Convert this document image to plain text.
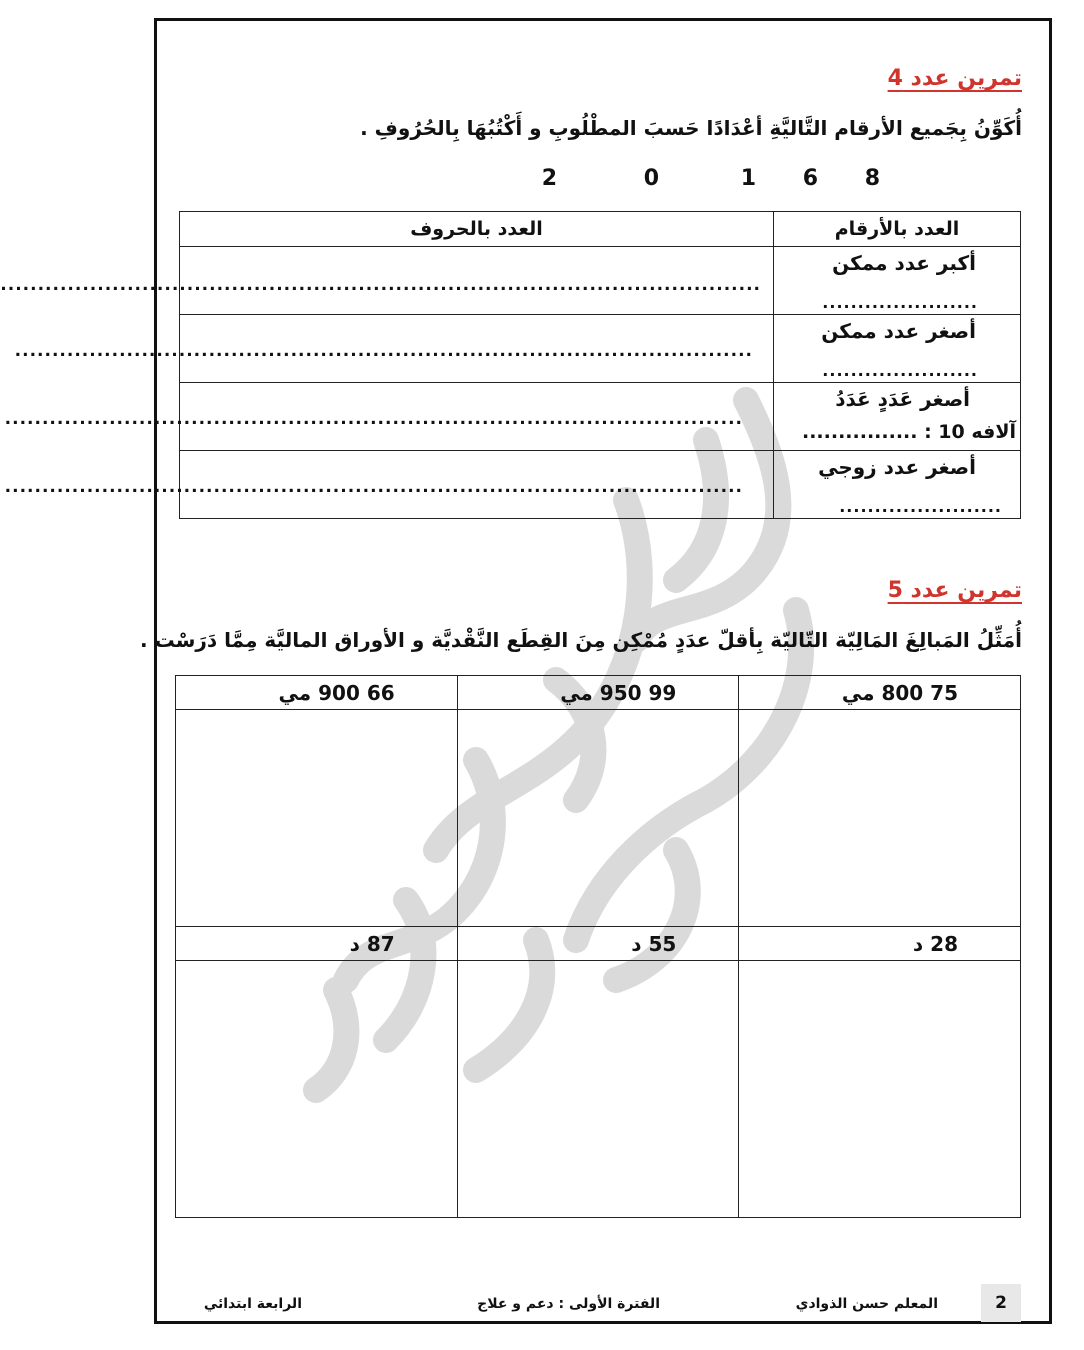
تمرين عدد 4
أُكَوِّنُ بِجَميع الأرقام التَّاليَّةِ أعْدَادًا حَسبَ المطْلُوبِ و أَكْتُبُهَا بِالحُرُوفِ .
8
6
1
0
2
العدد بالأرقام	العدد بالحروف

أكبر عدد ممكن
......................	......................................................................................................

أصغر عدد ممكن
......................	...................................................................................................

أصغر عَدَدٍ عَدَدُ
آلافه 10 : ................	...................................................................................................

أصغر عدد زوجي
.......................	...................................................................................................
تمرين عدد 5
أُمَثِّلُ المَبالِغَ المَالِيّة التّاليّة بِأقلّ عدَدٍ مُمْكِن مِنَ القِطَع النَّقْديَّة و الأوراق الماليَّة مِمَّا دَرَسْت .
75 800 مي	99 950 مي	66 900 مي

28 د	55 د	87 د

2
المعلم حسن الذوادي
الفترة الأولى : دعم و علاج
الرابعة ابتدائي
